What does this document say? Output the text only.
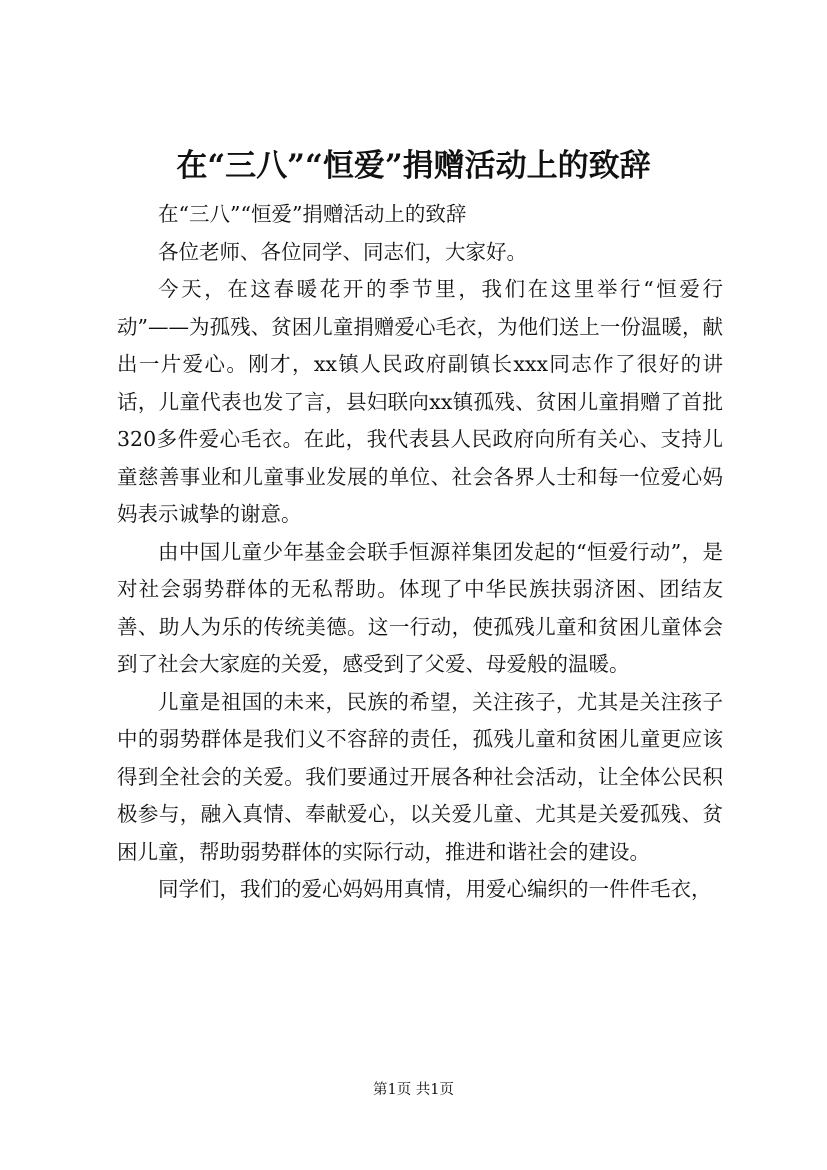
在“三八”“恒爱”捐赠活动上的致辞

在“三八”“恒爱”捐赠活动上的致辞

各位老师、各位同学、同志们，大家好。

今天，在这春暖花开的季节里，我们在这里举行“恒爱行动”——为孤残、贫困儿童捐赠爱心毛衣，为他们送上一份温暖，献出一片爱心。刚才，xx镇人民政府副镇长xxx同志作了很好的讲话，儿童代表也发了言，县妇联向xx镇孤残、贫困儿童捐赠了首批320多件爱心毛衣。在此，我代表县人民政府向所有关心、支持儿童慈善事业和儿童事业发展的单位、社会各界人士和每一位爱心妈妈表示诚挚的谢意。

由中国儿童少年基金会联手恒源祥集团发起的“恒爱行动”，是对社会弱势群体的无私帮助。体现了中华民族扶弱济困、团结友善、助人为乐的传统美德。这一行动，使孤残儿童和贫困儿童体会到了社会大家庭的关爱，感受到了父爱、母爱般的温暖。

儿童是祖国的未来，民族的希望，关注孩子，尤其是关注孩子中的弱势群体是我们义不容辞的责任，孤残儿童和贫困儿童更应该得到全社会的关爱。我们要通过开展各种社会活动，让全体公民积极参与，融入真情、奉献爱心，以关爱儿童、尤其是关爱孤残、贫困儿童，帮助弱势群体的实际行动，推进和谐社会的建设。

同学们，我们的爱心妈妈用真情，用爱心编织的一件件毛衣，

第1页 共1页
